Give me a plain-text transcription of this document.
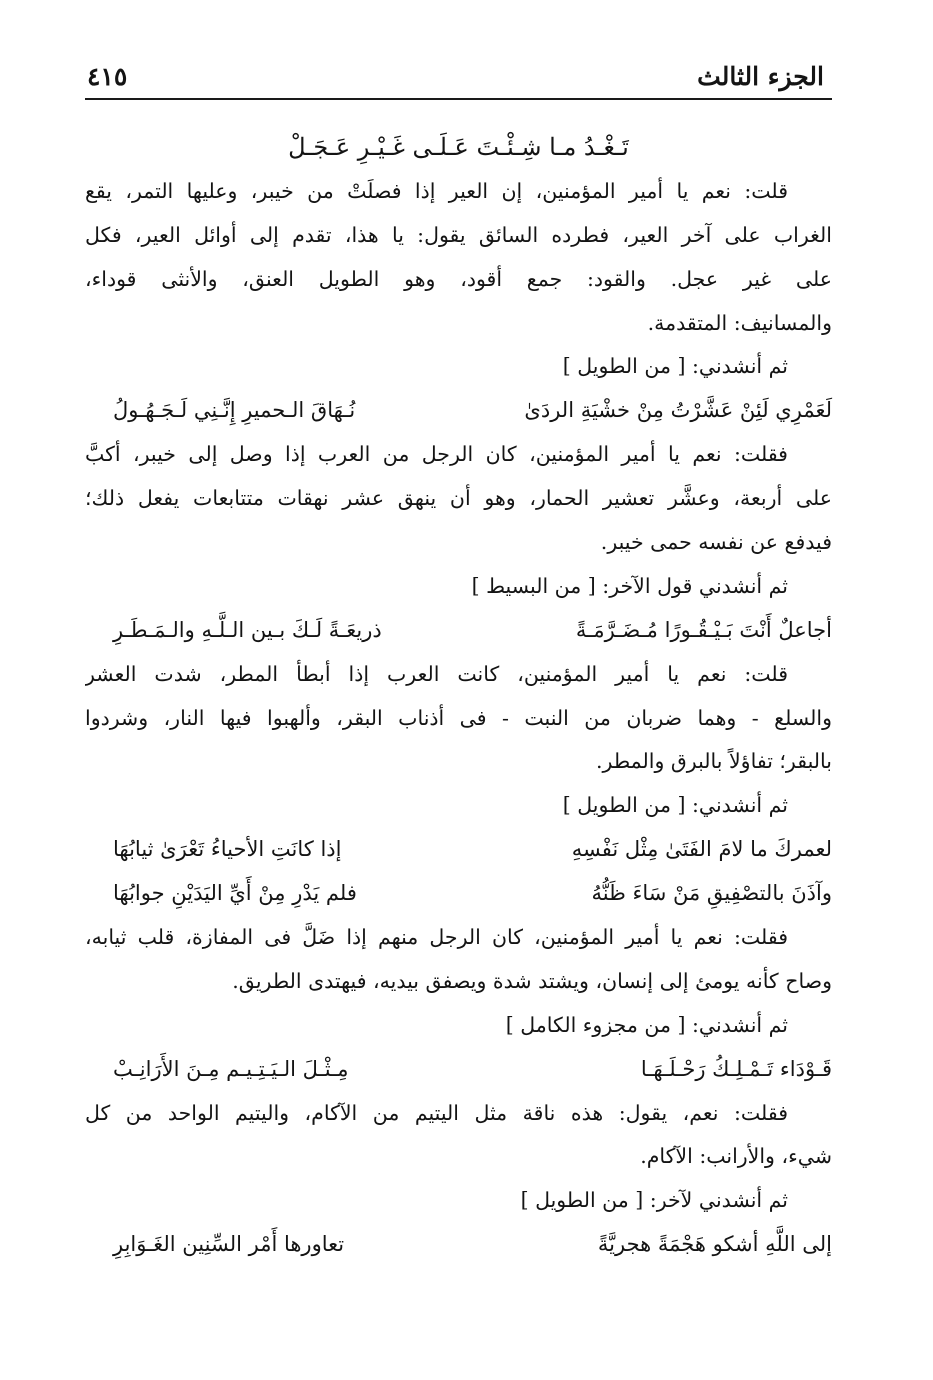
الجزء الثالث
٤١٥
تَـغْـدُ مـا شِـئْـتَ عَـلَـى غَـيْـرِ عَـجَـلْ
قلت: نعم يا أمير المؤمنين، إن العير إذا فصلَتْ من خيبر، وعليها التمر، يقع
الغراب على آخر العير، فطرده السائق يقول: يا هذا، تقدم إلى أوائل العير، فكل
على غير عجل. والقود: جمع أقود، وهو الطويل العنق، والأنثى قوداء،
والمسانيف: المتقدمة.
ثم أنشدني: [ من الطويل ]
لَعَمْرِي لَئِنْ عَشَّرْتُ مِنْ خشْيَةِ الردَىٰ
نُـهَاقَ الـحميرِ إِنَّـنِي لَـجَـهُـولُ
فقلت: نعم يا أمير المؤمنين، كان الرجل من العرب إذا وصل إلى خيبر، أكبَّ
على أربعة، وعشَّر تعشير الحمار، وهو أن ينهق عشر نهقات متتابعات يفعل ذلك؛
فيدفع عن نفسه حمى خيبر.
ثم أنشدني قول الآخر: [ من البسيط ]
أجاعلٌ أَنْتَ بَـيْـقُـورًا مُـضَـرَّمَـةً
ذريعَـةً لَـكَ بـين الـلَّـهِ والـمَـطَـرِ
قلت: نعم يا أمير المؤمنين، كانت العرب إذا أبطأ المطر، شدت العشر
والسلع - وهما ضربان من النبت - فى أذناب البقر، وألهبوا فيها النار، وشردوا
بالبقر؛ تفاؤلاً بالبرق والمطر.
ثم أنشدني: [ من الطويل ]
لعمركَ ما لامَ الفَتَىٰ مِثْل نَفْسِهِ
إذا كانَتِ الأحياءُ تَعْرَىٰ ثيابُهَا
وآذَنَ بالتصْفِيقِ مَنْ سَاءَ ظَنُّهُ
فلم يَدْرِ مِنْ أَيِّ اليَدَيْنِ جوابُهَا
فقلت: نعم يا أمير المؤمنين، كان الرجل منهم إذا ضَلَّ فى المفازة، قلب ثيابه،
وصاح كأنه يومئ إلى إنسان، ويشتد شدة ويصفق بيديه، فيهتدى الطريق.
ثم أنشدني: [ من مجزوء الكامل ]
قَـوْدَاء تَـمْـلِـكُ رَحْـلَـهَـا
مِـثْـلَ الـيَـتِـيـم مِـنَ الأَرَانِـبْ
فقلت: نعم، يقول: هذه ناقة مثل اليتيم من الآكام، واليتيم الواحد من كل
شيء، والأرانب: الآكام.
ثم أنشدني لآخر: [ من الطويل ]
إلى اللَّهِ أشكو هَجْمَةً هجريَّةً
تعاورها أَمْر السِّنِين الغَـوَابِرِ
